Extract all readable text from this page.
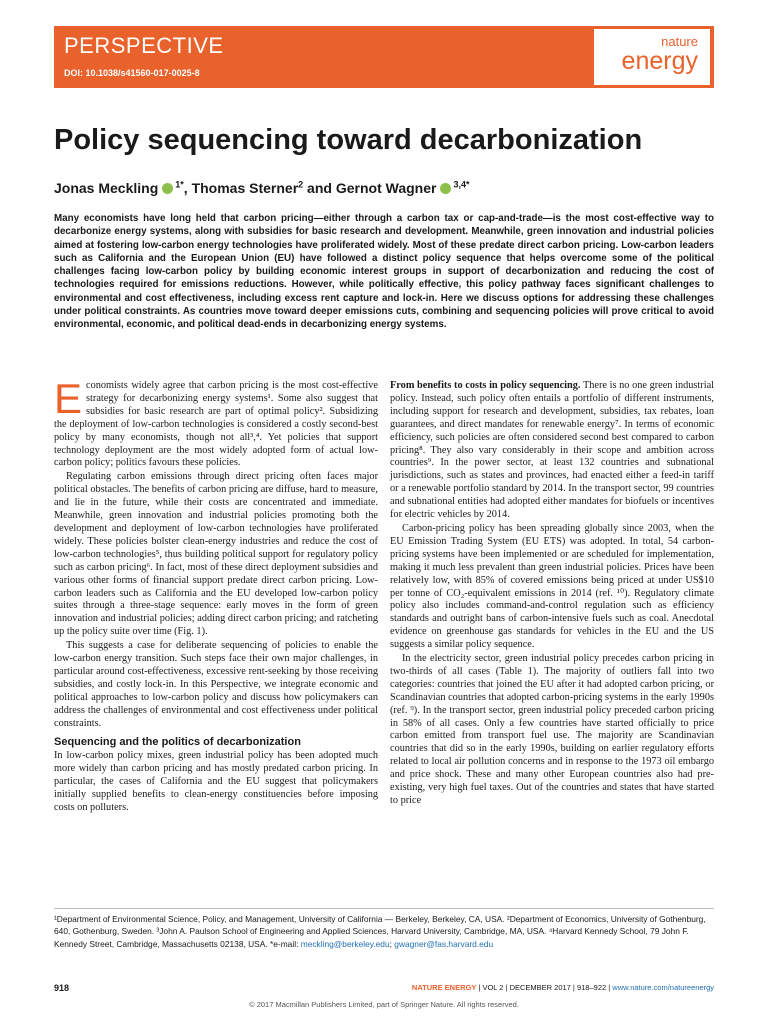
PERSPECTIVE
DOI: 10.1038/s41560-017-0025-8
nature
energy
Policy sequencing toward decarbonization
Jonas Meckling $^{1*}$, Thomas Sterner$^2$ and Gernot Wagner $^{3,4*}$

Many economists have long held that carbon pricing—either through a carbon tax or cap-and-trade—is the most cost-effective way to decarbonize energy systems, along with subsidies for basic research and development. Meanwhile, green innovation and industrial policies aimed at fostering low-carbon energy technologies have proliferated widely. Most of these predate direct carbon pricing. Low-carbon leaders such as California and the European Union (EU) have followed a distinct policy sequence that helps overcome some of the political challenges facing low-carbon policy by building economic interest groups in support of decarbonization and reducing the cost of technologies required for emissions reductions. However, while politically effective, this policy pathway faces significant challenges to environmental and cost effectiveness, including excess rent capture and lock-in. Here we discuss options for addressing these challenges under political constraints. As countries move toward deeper emissions cuts, combining and sequencing policies will prove critical to avoid environmental, economic, and political dead-ends in decarbonizing energy systems.

Economists widely agree that carbon pricing is the most cost-effective strategy for decarbonizing energy systems¹. Some also suggest that subsidies for basic research are part of optimal policy². Subsidizing the deployment of low-carbon technologies is considered a costly second-best policy by many economists, though not all³,⁴. Yet policies that support technology deployment are the most widely adopted form of actual low-carbon policy; politics favours these policies.

Regulating carbon emissions through direct pricing often faces major political obstacles. The benefits of carbon pricing are diffuse, hard to measure, and lie in the future, while their costs are concentrated and immediate. Meanwhile, green innovation and industrial policies promoting both the development and deployment of low-carbon technologies have proliferated widely. These policies bolster clean-energy industries and reduce the cost of low-carbon technologies⁵, thus building political support for regulatory policy such as carbon pricing⁶. In fact, most of these direct deployment subsidies and various other forms of financial support predate direct carbon pricing. Low-carbon leaders such as California and the EU developed low-carbon policy suites through a three-stage sequence: early moves in the form of green innovation and industrial policies; adding direct carbon pricing; and ratcheting up the policy suite over time (Fig. 1).

This suggests a case for deliberate sequencing of policies to enable the low-carbon energy transition. Such steps face their own major challenges, in particular around cost-effectiveness, excessive rent-seeking by those receiving subsidies, and costly lock-in. In this Perspective, we integrate economic and political approaches to low-carbon policy and discuss how policymakers can address the challenges of environmental and cost effectiveness under political constraints.

Sequencing and the politics of decarbonization

In low-carbon policy mixes, green industrial policy has been adopted much more widely than carbon pricing and has mostly predated carbon pricing. In particular, the cases of California and the EU suggest that policymakers initially supplied benefits to clean-energy constituencies before imposing costs on polluters.

From benefits to costs in policy sequencing. There is no one green industrial policy. Instead, such policy often entails a portfolio of different instruments, including support for research and development, subsidies, tax rebates, loan guarantees, and direct mandates for renewable energy⁷. In terms of economic efficiency, such policies are often considered second best compared to carbon pricing⁸. They also vary considerably in their scope and ambition across countries⁹. In the power sector, at least 132 countries and subnational jurisdictions, such as states and provinces, had enacted either a feed-in tariff or a renewable portfolio standard by 2014. In the transport sector, 99 countries and subnational entities had adopted either mandates for biofuels or incentives for electric vehicles by 2014.

Carbon-pricing policy has been spreading globally since 2003, when the EU Emission Trading System (EU ETS) was adopted. In total, 54 carbon-pricing systems have been implemented or are scheduled for implementation, making it much less prevalent than green industrial policies. Prices have been relatively low, with 85% of covered emissions being priced at under US$10 per tonne of CO₂-equivalent emissions in 2014 (ref. ¹⁰). Regulatory climate policy also includes command-and-control regulation such as efficiency standards and outright bans of carbon-intensive fuels such as coal. Anecdotal evidence on greenhouse gas standards for vehicles in the EU and the US suggests a similar policy sequence.

In the electricity sector, green industrial policy precedes carbon pricing in two-thirds of all cases (Table 1). The majority of outliers fall into two categories: countries that joined the EU after it had adopted carbon pricing, or Scandinavian countries that adopted carbon-pricing systems in the early 1990s (ref. ⁹). In the transport sector, green industrial policy preceded carbon pricing in 58% of all cases. Only a few countries have started officially to price carbon emitted from transport fuel use. The majority are Scandinavian countries that did so in the early 1990s, building on earlier regulatory efforts related to local air pollution concerns and in response to the 1973 oil embargo and price shock. These and many other European countries also had pre-existing, very high fuel taxes. Out of the countries and states that have started to price

¹Department of Environmental Science, Policy, and Management, University of California — Berkeley, Berkeley, CA, USA. ²Department of Economics, University of Gothenburg, 640, Gothenburg, Sweden. ³John A. Paulson School of Engineering and Applied Sciences, Harvard University, Cambridge, MA, USA. ⁴Harvard Kennedy School, 79 John F. Kennedy Street, Cambridge, Massachusetts 02138, USA. *e-mail: meckling@berkeley.edu; gwagner@fas.harvard.edu

918	NATURE ENERGY | VOL 2 | DECEMBER 2017 | 918–922 | www.nature.com/natureenergy
© 2017 Macmillan Publishers Limited, part of Springer Nature. All rights reserved.
